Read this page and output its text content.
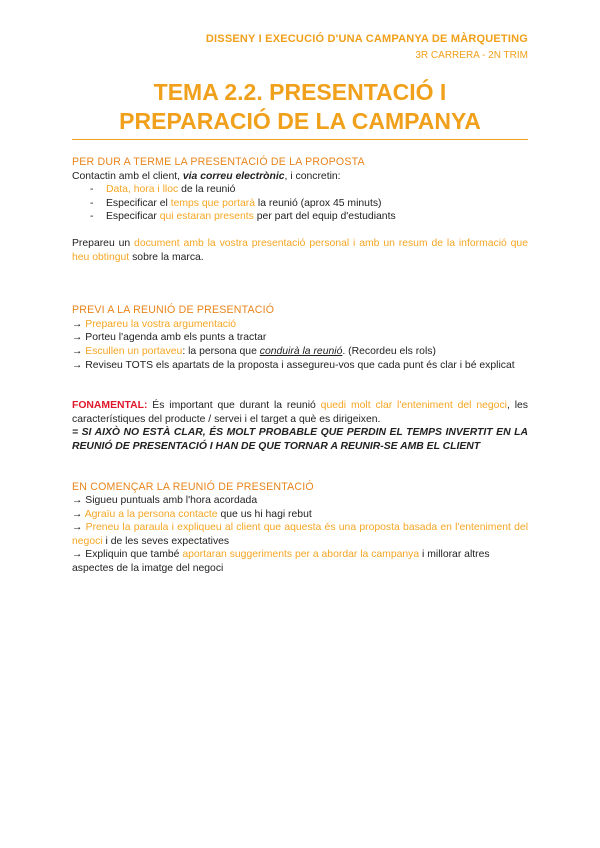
DISSENY I EXECUCIÓ D'UNA CAMPANYA DE MÀRQUETING
3R CARRERA - 2N TRIM
TEMA 2.2. PRESENTACIÓ I
PREPARACIÓ DE LA CAMPANYA

PER DUR A TERME LA PRESENTACIÓ DE LA PROPOSTA

Contactin amb el client, via correu electrònic, i concretin:

- Data, hora i lloc de la reunió
- Especificar el temps que portarà la reunió (aprox 45 minuts)
- Especificar qui estaran presents per part del equip d'estudiants

Prepareu un document amb la vostra presentació personal i amb un resum de la informació que heu obtingut sobre la marca.

PREVI A LA REUNIÓ DE PRESENTACIÓ

→ Prepareu la vostra argumentació

→ Porteu l'agenda amb els punts a tractar

→ Escullen un portaveu: la persona que conduirà la reunió. (Recordeu els rols)

→ Reviseu TOTS els apartats de la proposta i assegureu-vos que cada punt és clar i bé explicat

FONAMENTAL: És important que durant la reunió quedi molt clar l'enteniment del negoci, les característiques del producte / servei i el target a què es dirigeixen.

= SI AIXÒ NO ESTÀ CLAR, ÉS MOLT PROBABLE QUE PERDIN EL TEMPS INVERTIT EN LA REUNIÓ DE PRESENTACIÓ I HAN DE QUE TORNAR A REUNIR-SE AMB EL CLIENT

EN COMENÇAR LA REUNIÓ DE PRESENTACIÓ

→ Sigueu puntuals amb l'hora acordada

→ Agraïu a la persona contacte que us hi hagi rebut

→ Preneu la paraula i expliqueu al client que aquesta és una proposta basada en l'enteniment del negoci i de les seves expectatives

→ Expliquin que també aportaran suggeriments per a abordar la campanya i millorar altres aspectes de la imatge del negoci
